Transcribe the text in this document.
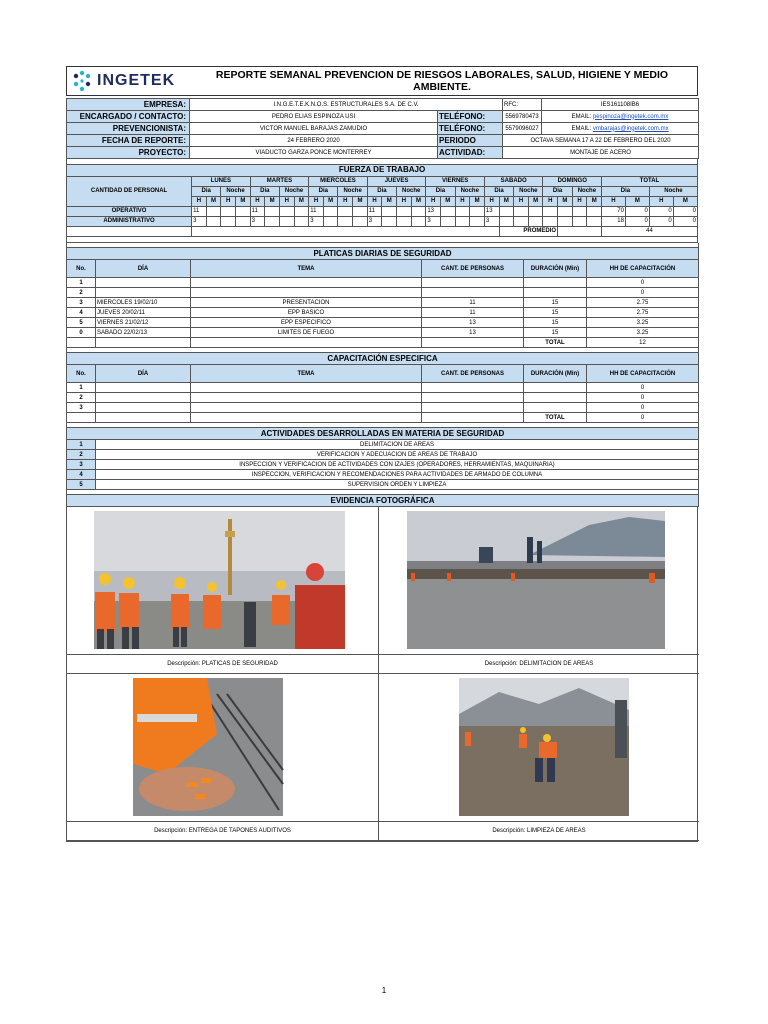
INGETEK	REPORTE SEMANAL PREVENCION DE RIESGOS LABORALES, SALUD, HIGIENE Y MEDIO AMBIENTE.
EMPRESA:	I.N.G.E.T.E.K.N.O.S. ESTRUCTURALES S.A. DE C.V.		RFC:	IES161108IB6
ENCARGADO / CONTACTO:	PEDRO ELIAS ESPINOZA USI	TELÉFONO:	5569780473	EMAIL: pespinoza@ingetek.com.mx
PREVENCIONISTA:	VICTOR MANUEL BARAJAS ZAMUDIO	TELÉFONO:	5579096027	EMAIL: vmbarajas@ingetek.com.mx
FECHA DE REPORTE:	24 FEBRERO 2020	PERIODO	OCTAVA SEMANA 17 A 22 DE FEBRERO DEL 2020	
PROYECTO:	VIADUCTO GARZA PONCE MONTERREY	ACTIVIDAD:	MONTAJE DE ACERO	

FUERZA DE TRABAJO																																
CANTIDAD DE PERSONAL	LUNES				MARTES				MIERCOLES				JUEVES				VIERNES				SABADO				DOMINGO				TOTAL			
	Dia		Noche		Dia		Noche		Dia		Noche		Dia		Noche		Dia		Noche		Dia		Noche		Dia		Noche		Dia		Noche	
	H	M	H	M	H	M	H	M	H	M	H	M	H	M	H	M	H	M	H	M	H	M	H	M	H	M	H	M	H	M	H	M
OPERATIVO	11				11				11				11				13				13								70	0	0	0
ADMINISTRATIVO	3				3				3				3				3				3								18	0	0	0
																						PROMEDIO							44			

PLATICAS DIARIAS DE SEGURIDAD					
No.	DÍA	TEMA	CANT. DE PERSONAS	DURACIÓN (Min)	HH DE CAPACITACIÓN
1					0
2					0
3	MIERCOLES 19/02/10	PRESENTACION	11	15	2.75
4	JUEVES 20/02/11	EPP BASICO	11	15	2.75
5	VIERNES 21/02/12	EPP ESPECIFICO	13	15	3.25
0	SABADO 22/02/13	LIMITES DE FUEGO	13	15	3.25
				TOTAL	12

CAPACITACIÓN ESPECIFICA					
No.	DÍA	TEMA	CANT. DE PERSONAS	DURACIÓN (Min)	HH DE CAPACITACIÓN
1					0
2					0
3					0
				TOTAL	0

ACTIVIDADES DESARROLLADAS EN MATERIA DE SEGURIDAD					
1	DELIMITACION DE AREAS				
2	VERIFICACION Y ADECUACION DE AREAS DE TRABAJO				
3	INSPECCION Y VERIFICACION DE ACTIVIDADES CON IZAJES (OPERADORES, HERRAMIENTAS, MAQUINARIA)				
4	INSPECCION, VERIFICACION Y RECOMENDACIONES PARA ACTIVIDADES DE ARMADO DE COLUMNA				
5	SUPERVISION ORDEN Y LIMPIEZA				

EVIDENCIA FOTOGRÁFICA					
Descripción: PLATICAS DE SEGURIDAD	Descripción: DELIMITACION DE AREAS
Descripción: ENTREGA DE TAPONES AUDITIVOS	Descripción: LIMPIEZA DE AREAS
1
